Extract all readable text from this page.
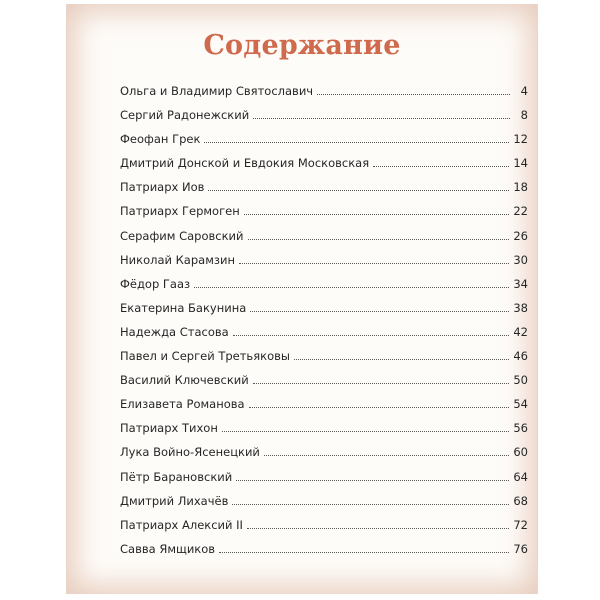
Содержание
Ольга и Владимир Святославич	4
Сергий Радонежский	8
Феофан Грек	12
Дмитрий Донской и Евдокия Московская	14
Патриарх Иов	18
Патриарх Гермоген	22
Серафим Саровский	26
Николай Карамзин	30
Фёдор Гааз	34
Екатерина Бакунина	38
Надежда Стасова	42
Павел и Сергей Третьяковы	46
Василий Ключевский	50
Елизавета Романова	54
Патриарх Тихон	56
Лука Войно-Ясенецкий	60
Пётр Барановский	64
Дмитрий Лихачёв	68
Патриарх Алексий II	72
Савва Ямщиков	76
